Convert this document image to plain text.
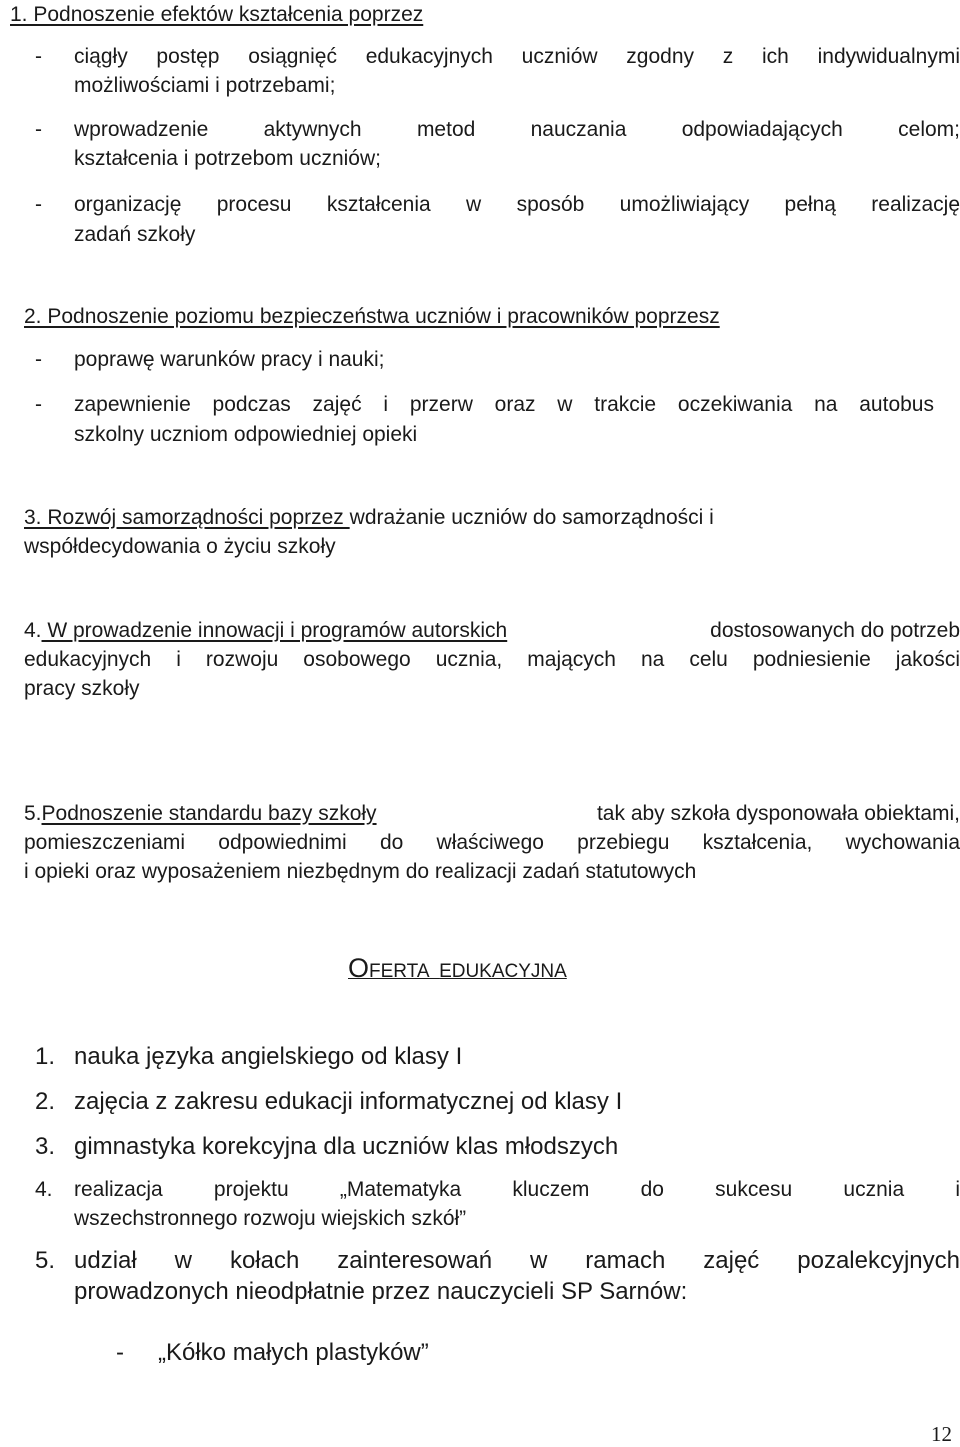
1. Podnoszenie efektów kształcenia poprzez
- ciągły postęp osiągnięć edukacyjnych uczniów zgodny z ich indywidualnymi
możliwościami i potrzebami;
- wprowadzenie aktywnych metod nauczania odpowiadających celom;
kształcenia i potrzebom uczniów;
- organizację procesu kształcenia w sposób umożliwiający pełną realizację
zadań szkoły
2. Podnoszenie poziomu bezpieczeństwa uczniów i pracowników poprzesz
- poprawę warunków pracy i nauki;
- zapewnienie podczas zajęć i przerw oraz w trakcie oczekiwania na autobus
szkolny uczniom odpowiedniej opieki
3. Rozwój samorządności poprzez wdrażanie uczniów do samorządności i
współdecydowania o życiu szkoły
4. W prowadzenie innowacji i programów autorskich	dostosowanych do potrzeb
edukacyjnych i rozwoju osobowego ucznia, mających na celu podniesienie jakości
pracy szkoły
5.Podnoszenie standardu bazy szkoły	tak aby szkoła dysponowała obiektami,
pomieszczeniami odpowiednimi do właściwego przebiegu kształcenia, wychowania
i opieki oraz wyposażeniem niezbędnym do realizacji zadań statutowych
OFERTA EDUKACYJNA
1. nauka języka angielskiego od klasy I
2. zajęcia z zakresu edukacji informatycznej od klasy I
3. gimnastyka korekcyjna dla uczniów klas młodszych
4. realizacja projektu „Matematyka kluczem do sukcesu ucznia i
wszechstronnego rozwoju wiejskich szkół”
5. udział w kołach zainteresowań w ramach zajęć pozalekcyjnych
prowadzonych nieodpłatnie przez nauczycieli SP Sarnów:
- „Kółko małych plastyków”
12
